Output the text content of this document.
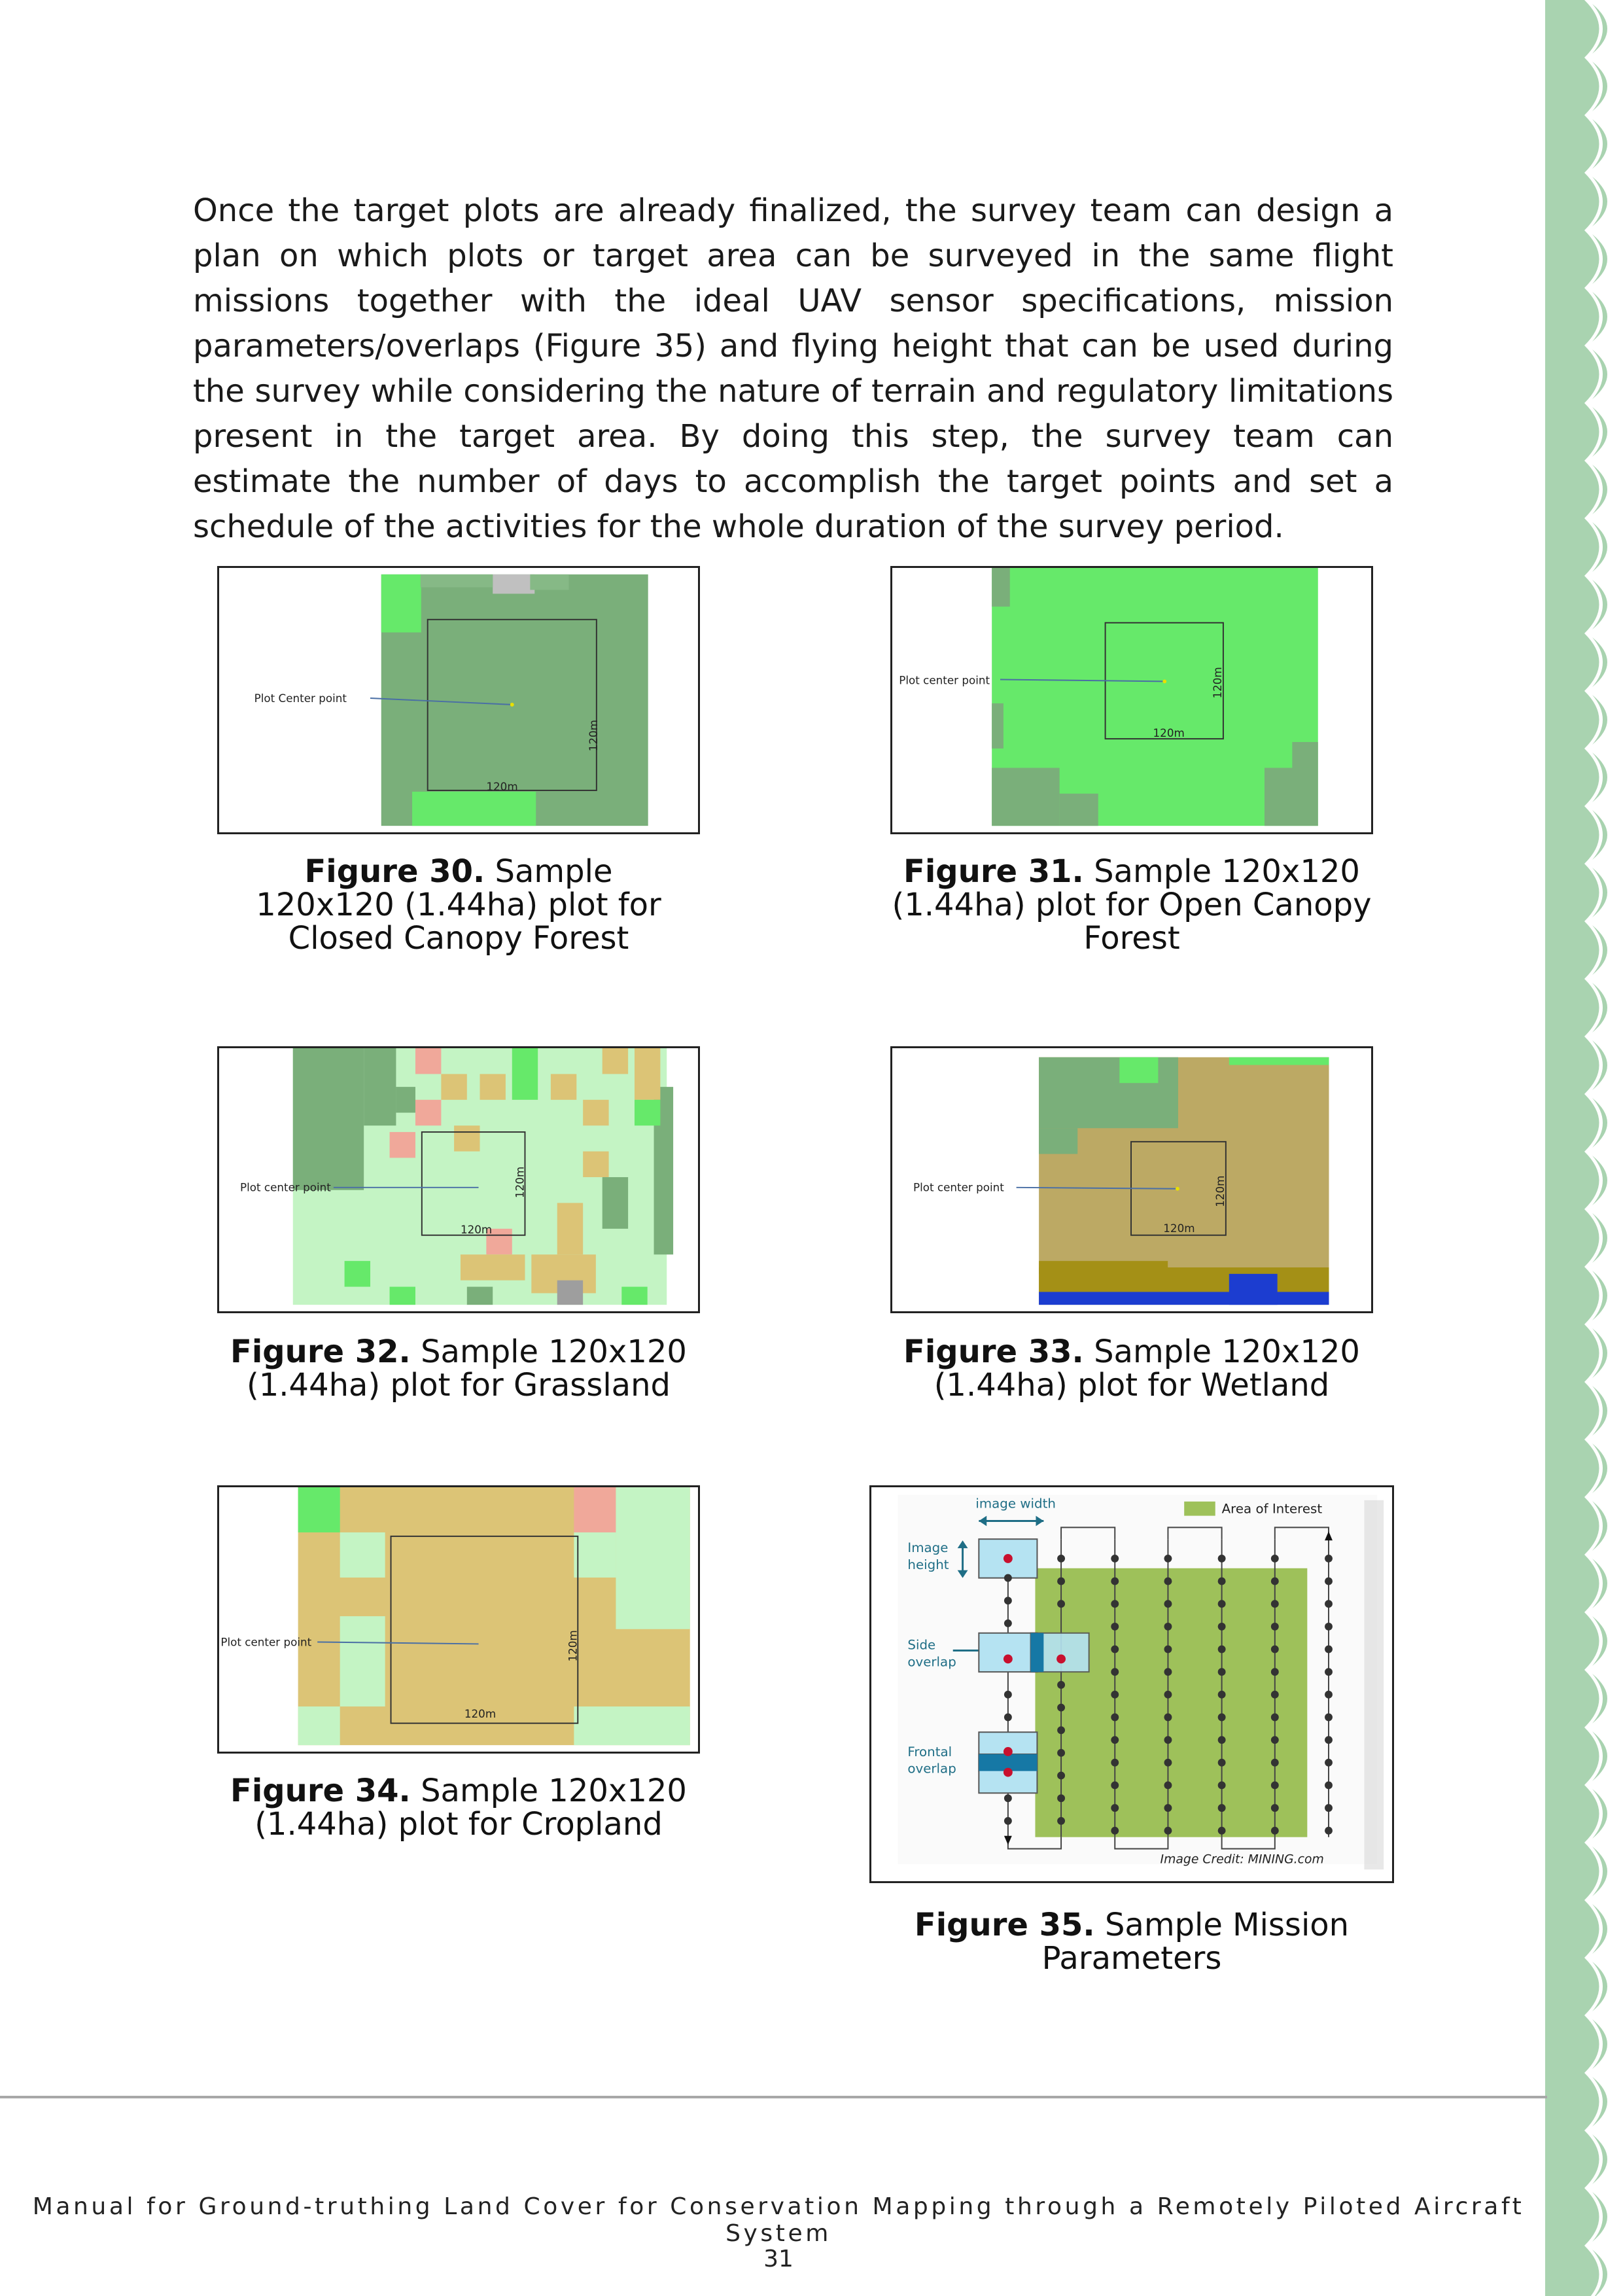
Once the target plots are already finalized, the survey team can design a plan on which plots or target area can be surveyed in the same flight missions together with the ideal UAV sensor specifications, mission parameters/overlaps (Figure 35) and flying height that can be used during the survey while considering the nature of terrain and regulatory limitations present in the target area. By doing this step, the survey team can estimate the number of days to accomplish the target points and set a schedule of the activities for the whole duration of the survey period.
Plot Center point
120m
120m
Figure 30. Sample
120x120 (1.44ha) plot for
Closed Canopy Forest
Plot center point
120m
120m
Figure 31. Sample 120x120
(1.44ha) plot for Open Canopy
Forest
Plot center point
120m
120m
Figure 32. Sample 120x120
(1.44ha) plot for Grassland
Plot center point
120m
120m
Figure 33. Sample 120x120
(1.44ha) plot for Wetland
Plot center point
120m
120m
Figure 34. Sample 120x120
(1.44ha) plot for Cropland
Area of Interest
image width
Image
height
Side
overlap
Frontal
overlap
Image Credit: MINING.com
Figure 35. Sample Mission
Parameters
Manual for Ground-truthing Land Cover for Conservation Mapping through a Remotely Piloted Aircraft System
31
